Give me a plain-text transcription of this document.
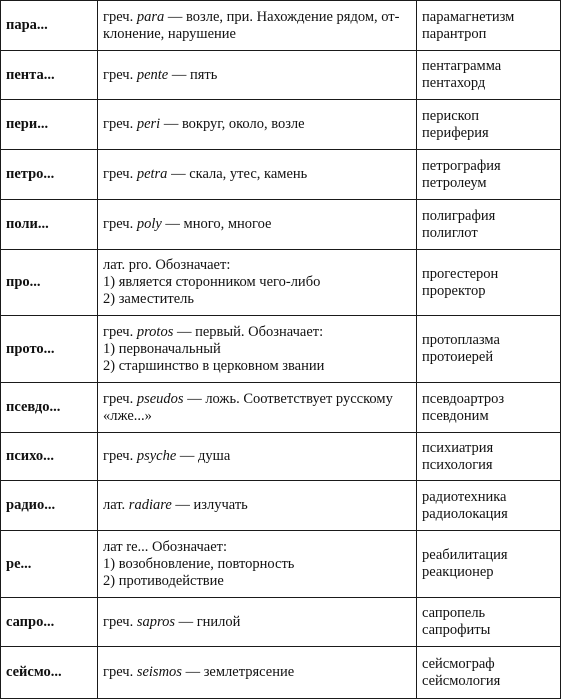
пара...	греч. para — возле, при. Нахождение рядом, от-
клонение, нарушение	парамагнетизм
парантроп

пента...	греч. pente — пять	пентаграмма
пентахорд

пери...	греч. peri — вокруг, около, возле	перископ
периферия

петро...	греч. petra — скала, утес, камень	петрография
петролеум

поли...	греч. poly — много, многое	полиграфия
полиглот

про...	лат. pro. Обозначает:
1) является сторонником чего-либо
2) заместитель	прогестерон
проректор

прото...	греч. protos — первый. Обозначает:
1) первоначальный
2) старшинство в церковном звании	протоплазма
протоиерей

псевдо...	греч. pseudos — ложь. Соответствует русскому
«лже...»	псевдоартроз
псевдоним

психо...	греч. psyche — душа	психиатрия
психология

радио...	лат. radiare — излучать	радиотехника
радиолокация

ре...	лат re... Обозначает:
1) возобновление, повторность
2) противодействие	реабилитация
реакционер

сапро...	греч. sapros — гнилой	сапропель
сапрофиты

сейсмо...	греч. seismos — землетрясение	сейсмограф
сейсмология
